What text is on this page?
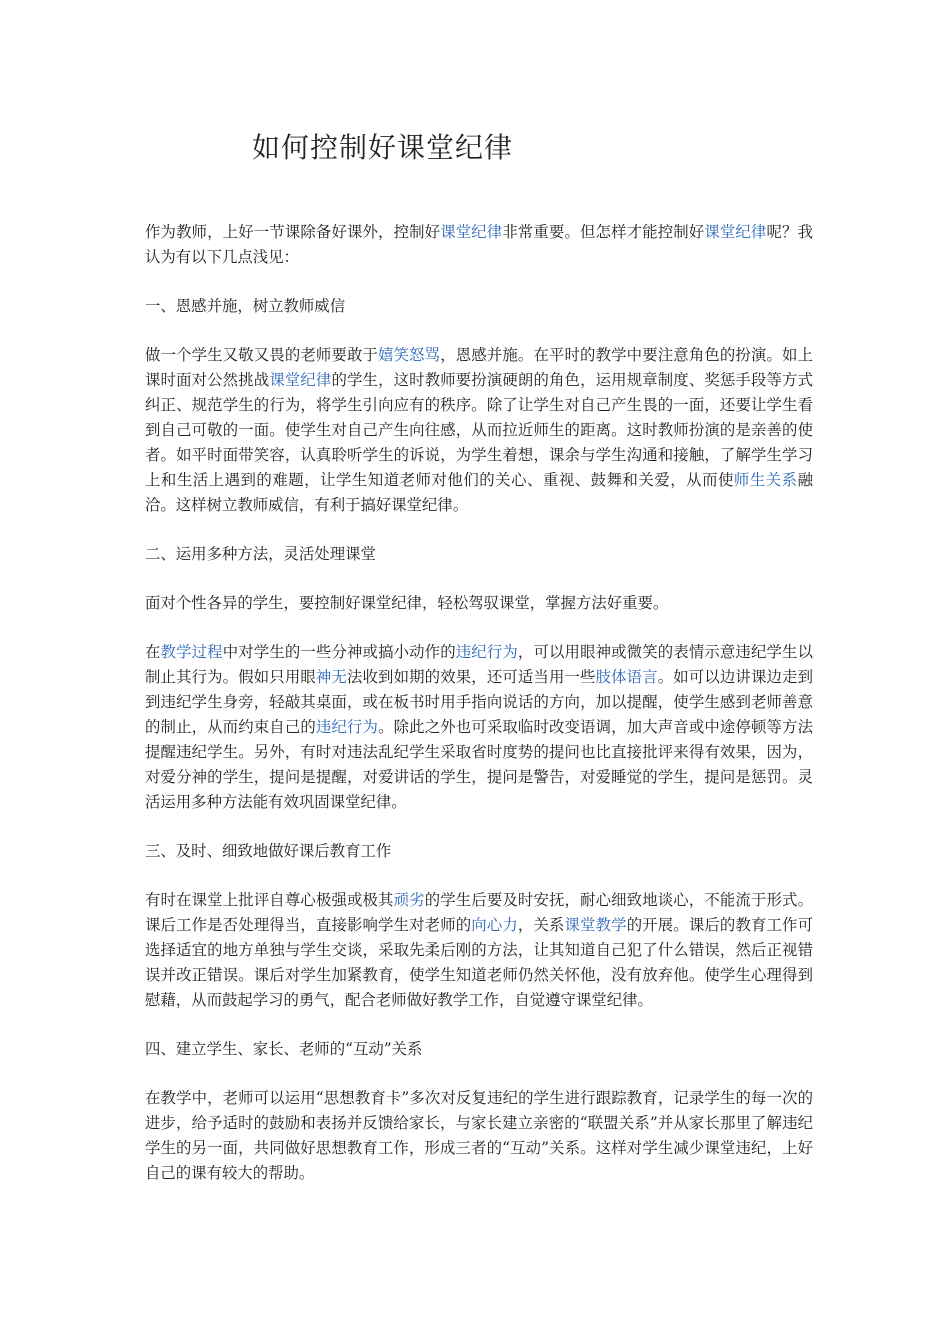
如何控制好课堂纪律

作为教师，上好一节课除备好课外，控制好课堂纪律非常重要。但怎样才能控制好课堂纪律呢？我认为有以下几点浅见：

一、恩感并施，树立教师威信

做一个学生又敬又畏的老师要敢于嬉笑怒骂，恩感并施。在平时的教学中要注意角色的扮演。如上课时面对公然挑战课堂纪律的学生，这时教师要扮演硬朗的角色，运用规章制度、奖惩手段等方式纠正、规范学生的行为，将学生引向应有的秩序。除了让学生对自己产生畏的一面，还要让学生看到自己可敬的一面。使学生对自己产生向往感，从而拉近师生的距离。这时教师扮演的是亲善的使者。如平时面带笑容，认真聆听学生的诉说，为学生着想，课余与学生沟通和接触，了解学生学习上和生活上遇到的难题，让学生知道老师对他们的关心、重视、鼓舞和关爱，从而使师生关系融洽。这样树立教师威信，有利于搞好课堂纪律。

二、运用多种方法，灵活处理课堂

面对个性各异的学生，要控制好课堂纪律，轻松驾驭课堂，掌握方法好重要。

在教学过程中对学生的一些分神或搞小动作的违纪行为，可以用眼神或微笑的表情示意违纪学生以制止其行为。假如只用眼神无法收到如期的效果，还可适当用一些肢体语言。如可以边讲课边走到到违纪学生身旁，轻敲其桌面，或在板书时用手指向说话的方向，加以提醒，使学生感到老师善意的制止，从而约束自己的违纪行为。除此之外也可采取临时改变语调，加大声音或中途停顿等方法提醒违纪学生。另外，有时对违法乱纪学生采取省时度势的提问也比直接批评来得有效果，因为，对爱分神的学生，提问是提醒，对爱讲话的学生，提问是警告，对爱睡觉的学生，提问是惩罚。灵活运用多种方法能有效巩固课堂纪律。

三、及时、细致地做好课后教育工作

有时在课堂上批评自尊心极强或极其顽劣的学生后要及时安抚，耐心细致地谈心，不能流于形式。课后工作是否处理得当，直接影响学生对老师的向心力，关系课堂教学的开展。课后的教育工作可选择适宜的地方单独与学生交谈，采取先柔后刚的方法，让其知道自己犯了什么错误，然后正视错误并改正错误。课后对学生加紧教育，使学生知道老师仍然关怀他，没有放弃他。使学生心理得到慰藉，从而鼓起学习的勇气，配合老师做好教学工作，自觉遵守课堂纪律。

四、建立学生、家长、老师的“互动”关系

在教学中，老师可以运用“思想教育卡”多次对反复违纪的学生进行跟踪教育，记录学生的每一次的进步，给予适时的鼓励和表扬并反馈给家长，与家长建立亲密的“联盟关系”并从家长那里了解违纪学生的另一面，共同做好思想教育工作，形成三者的“互动”关系。这样对学生减少课堂违纪，上好自己的课有较大的帮助。
